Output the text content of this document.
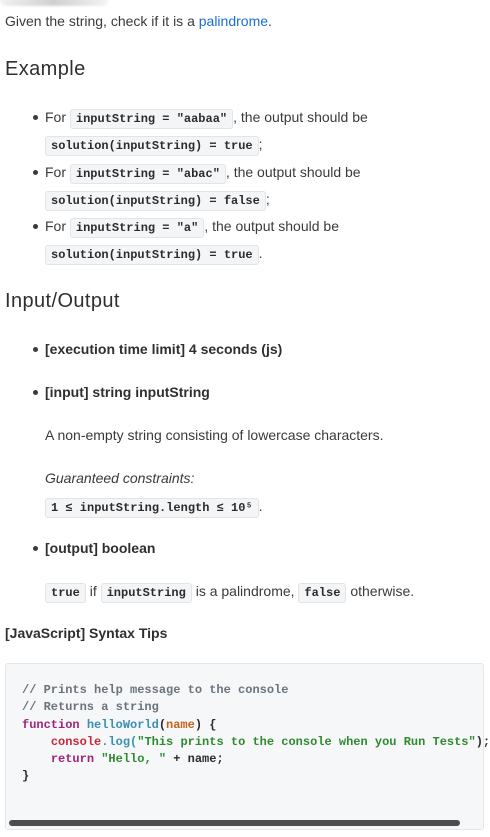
Given the string, check if it is a palindrome.

Example
For inputString = "aabaa" , the output should be
solution(inputString) = true ;
For inputString = "abac" , the output should be
solution(inputString) = false ;
For inputString = "a" , the output should be
solution(inputString) = true .
Input/Output
[execution time limit] 4 seconds (js)
[input] string inputString
[output] boolean

A non-empty string consisting of lowercase characters.

Guaranteed constraints:

1 ≤ inputString.length ≤ 10⁵ .

true if inputString is a palindrome, false otherwise.

[JavaScript] Syntax Tips

// Prints help message to the console
// Returns a string
function helloWorld(name) {
console.log("This prints to the console when you Run Tests");
return "Hello, " + name;
}
